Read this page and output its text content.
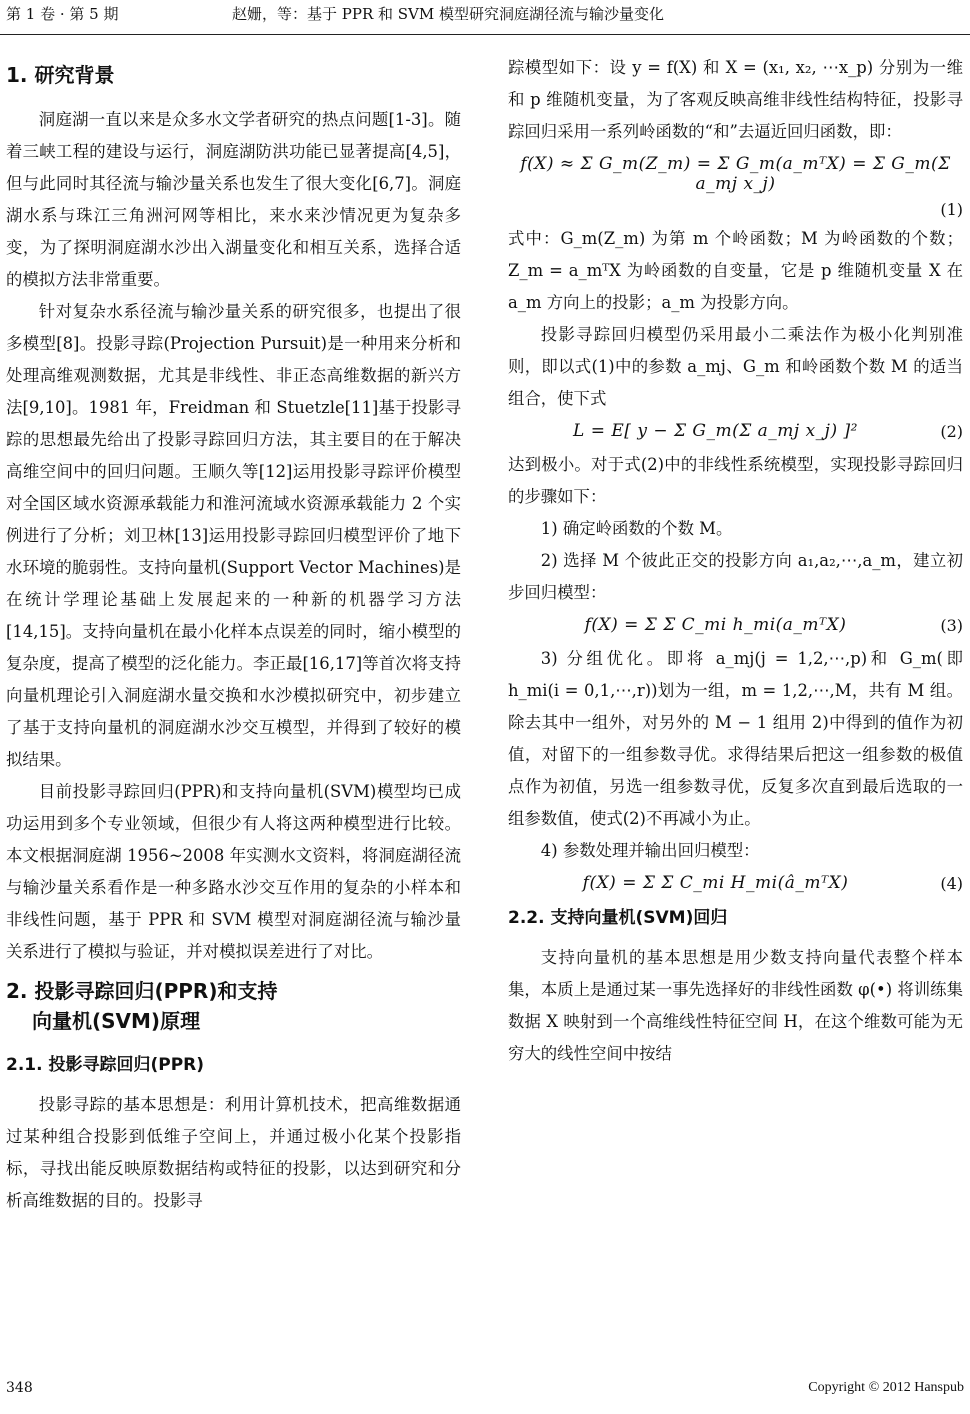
第 1 卷 · 第 5 期	赵姗，等：基于 PPR 和 SVM 模型研究洞庭湖径流与输沙量变化
1. 研究背景

洞庭湖一直以来是众多水文学者研究的热点问题[1-3]。随着三峡工程的建设与运行，洞庭湖防洪功能已显著提高[4,5]，但与此同时其径流与输沙量关系也发生了很大变化[6,7]。洞庭湖水系与珠江三角洲河网等相比，来水来沙情况更为复杂多变，为了探明洞庭湖水沙出入湖量变化和相互关系，选择合适的模拟方法非常重要。

针对复杂水系径流与输沙量关系的研究很多，也提出了很多模型[8]。投影寻踪(Projection Pursuit)是一种用来分析和处理高维观测数据，尤其是非线性、非正态高维数据的新兴方法[9,10]。1981 年，Freidman 和 Stuetzle[11]基于投影寻踪的思想最先给出了投影寻踪回归方法，其主要目的在于解决高维空间中的回归问题。王顺久等[12]运用投影寻踪评价模型对全国区域水资源承载能力和淮河流域水资源承载能力 2 个实例进行了分析；刘卫林[13]运用投影寻踪回归模型评价了地下水环境的脆弱性。支持向量机(Support Vector Machines)是在统计学理论基础上发展起来的一种新的机器学习方法[14,15]。支持向量机在最小化样本点误差的同时，缩小模型的复杂度，提高了模型的泛化能力。李正最[16,17]等首次将支持向量机理论引入洞庭湖水量交换和水沙模拟研究中，初步建立了基于支持向量机的洞庭湖水沙交互模型，并得到了较好的模拟结果。

目前投影寻踪回归(PPR)和支持向量机(SVM)模型均已成功运用到多个专业领域，但很少有人将这两种模型进行比较。本文根据洞庭湖 1956~2008 年实测水文资料，将洞庭湖径流与输沙量关系看作是一种多路水沙交互作用的复杂的小样本和非线性问题，基于 PPR 和 SVM 模型对洞庭湖径流与输沙量关系进行了模拟与验证，并对模拟误差进行了对比。

2. 投影寻踪回归(PPR)和支持
向量机(SVM)原理
2.1. 投影寻踪回归(PPR)

投影寻踪的基本思想是：利用计算机技术，把高维数据通过某种组合投影到低维子空间上，并通过极小化某个投影指标，寻找出能反映原数据结构或特征的投影，以达到研究和分析高维数据的目的。投影寻

踪模型如下：设 y = f(X) 和 X = (x₁, x₂, ⋯x_p) 分别为一维和 p 维随机变量，为了客观反映高维非线性结构特征，投影寻踪回归采用一系列岭函数的“和”去逼近回归函数，即：

f(X) ≈ Σ G_m(Z_m) = Σ G_m(a_mᵀX) = Σ G_m(Σ a_mj x_j)
(1)

式中：G_m(Z_m) 为第 m 个岭函数；M 为岭函数的个数；Z_m = a_mᵀX 为岭函数的自变量，它是 p 维随机变量 X 在 a_m 方向上的投影；a_m 为投影方向。

投影寻踪回归模型仍采用最小二乘法作为极小化判别准则，即以式(1)中的参数 a_mj、G_m 和岭函数个数 M 的适当组合，使下式

L = E[ y − Σ G_m(Σ a_mj x_j) ]²	(2)

达到极小。对于式(2)中的非线性系统模型，实现投影寻踪回归的步骤如下：

1) 确定岭函数的个数 M。

2) 选择 M 个彼此正交的投影方向 a₁,a₂,⋯,a_m，建立初步回归模型：

f(X) = Σ Σ C_mi h_mi(a_mᵀX)	(3)

3) 分组优化。即将 a_mj(j = 1,2,⋯,p)和 G_m(即 h_mi(i = 0,1,⋯,r))划为一组，m = 1,2,⋯,M，共有 M 组。除去其中一组外，对另外的 M − 1 组用 2)中得到的值作为初值，对留下的一组参数寻优。求得结果后把这一组参数的极值点作为初值，另选一组参数寻优，反复多次直到最后选取的一组参数值，使式(2)不再减小为止。

4) 参数处理并输出回归模型：

f(X) = Σ Σ C_mi H_mi(â_mᵀX)	(4)
2.2. 支持向量机(SVM)回归

支持向量机的基本思想是用少数支持向量代表整个样本集，本质上是通过某一事先选择好的非线性函数 φ(•) 将训练集数据 X 映射到一个高维线性特征空间 H，在这个维数可能为无穷大的线性空间中按结

348	Copyright © 2012 Hanspub
